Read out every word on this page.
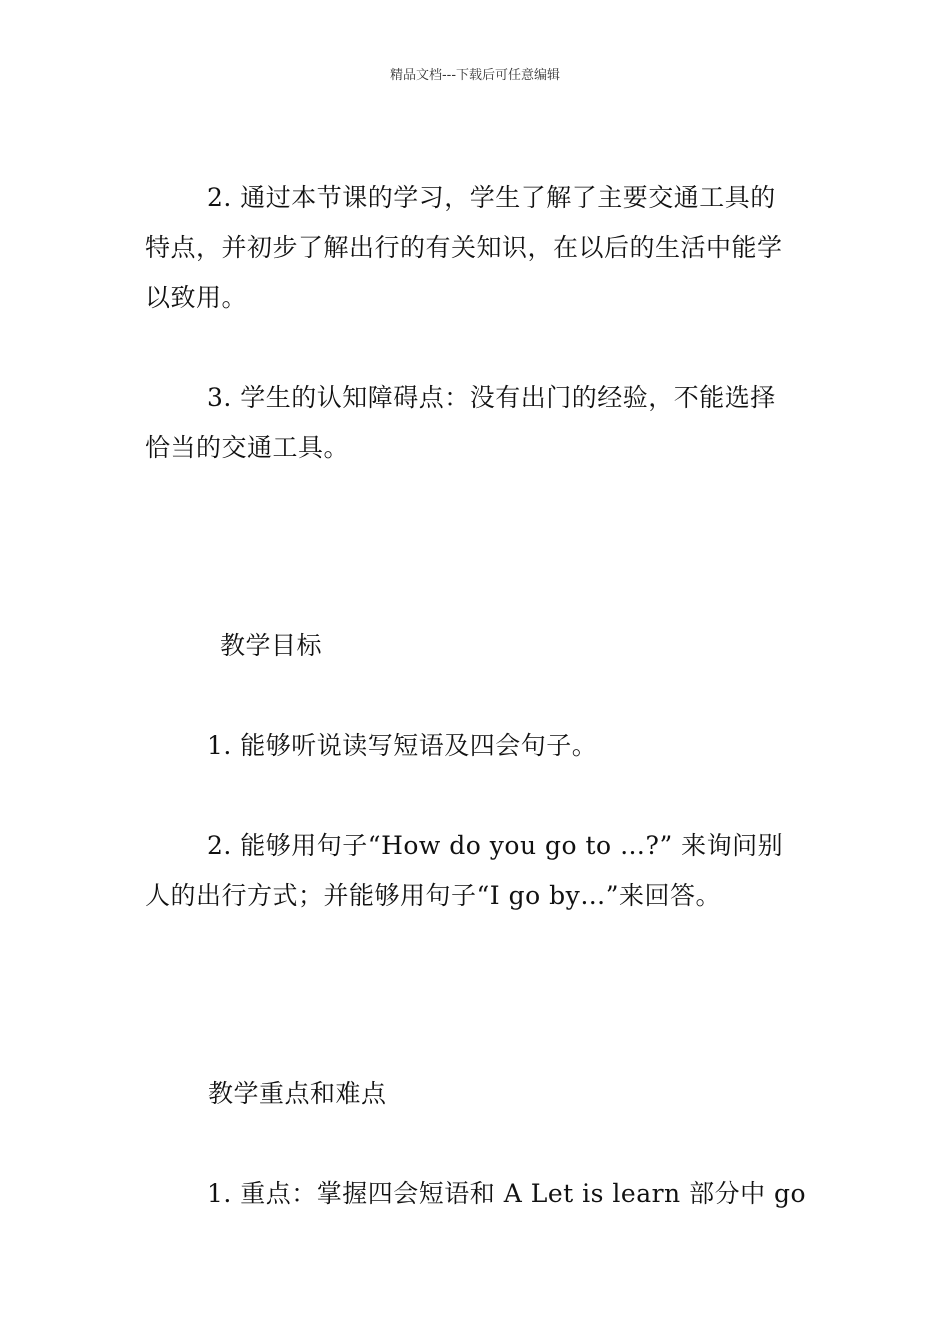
精品文档---下载后可任意编辑
2. 通过本节课的学习，学生了解了主要交通工具的
特点，并初步了解出行的有关知识，在以后的生活中能学
以致用。
3. 学生的认知障碍点：没有出门的经验，不能选择
恰当的交通工具。
教学目标
1. 能够听说读写短语及四会句子。
2. 能够用句子“How do you go to …?” 来询问别
人的出行方式；并能够用句子“I go by…”来回答。
教学重点和难点
1. 重点：掌握四会短语和 A Let is learn 部分中 go
